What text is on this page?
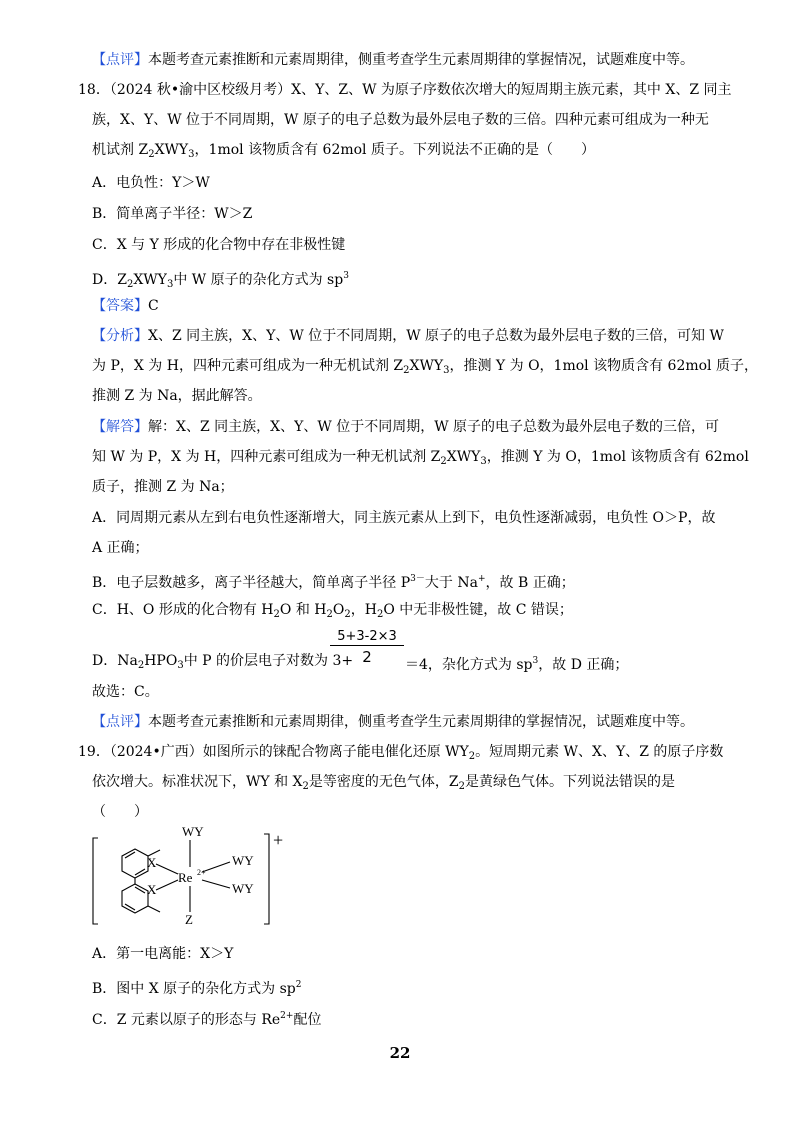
【点评】本题考查元素推断和元素周期律，侧重考查学生元素周期律的掌握情况，试题难度中等。
18．（2024 秋•渝中区校级月考）X、Y、Z、W 为原子序数依次增大的短周期主族元素，其中 X、Z 同主
族，X、Y、W 位于不同周期，W 原子的电子总数为最外层电子数的三倍。四种元素可组成为一种无
机试剂 $Z_2XWY_3$，1mol 该物质含有 62mol 质子。下列说法不正确的是（　　）
A．电负性：Y＞W
B．简单离子半径：W＞Z
C．X 与 Y 形成的化合物中存在非极性键
D．$Z_2XWY_3$中 W 原子的杂化方式为 $sp^3$
【答案】C
【分析】X、Z 同主族，X、Y、W 位于不同周期，W 原子的电子总数为最外层电子数的三倍，可知 W
为 P，X 为 H，四种元素可组成为一种无机试剂 $Z_2XWY_3$，推测 Y 为 O，1mol 该物质含有 62mol 质子，
推测 Z 为 Na，据此解答。
【解答】解：X、Z 同主族，X、Y、W 位于不同周期，W 原子的电子总数为最外层电子数的三倍，可
知 W 为 P，X 为 H，四种元素可组成为一种无机试剂 $Z_2XWY_3$，推测 Y 为 O，1mol 该物质含有 62mol
质子，推测 Z 为 Na；
A．同周期元素从左到右电负性逐渐增大，同主族元素从上到下，电负性逐渐减弱，电负性 O＞P，故
A 正确；
B．电子层数越多，离子半径越大，简单离子半径 $P^{3-}$大于 Na+，故 B 正确；
C．H、O 形成的化合物有 $H_2O$ 和 $H_2O_2$，$H_2O$ 中无非极性键，故 C 错误；
D．$Na_2HPO_3$中 P 的价层电子对数为 3+
$\frac{5+3-2\times 3}{2} =4$，杂化方式为 $sp^3$，故 D 正确；
故选：C。
【点评】本题考查元素推断和元素周期律，侧重考查学生元素周期律的掌握情况，试题难度中等。
19．（2024•广西）如图所示的铼配合物离子能电催化还原 $WY_2$。短周期元素 W、X、Y、Z 的原子序数
依次增大。标准状况下，WY 和 $X_2$是等密度的无色气体，$Z_2$是黄绿色气体。下列说法错误的是
（　　）
WY
X
X
Re 2+
WY
WY
Z
+
A．第一电离能：X＞Y
B．图中 X 原子的杂化方式为 $sp^2$
C．Z 元素以原子的形态与 $Re^{2+}$配位
22
